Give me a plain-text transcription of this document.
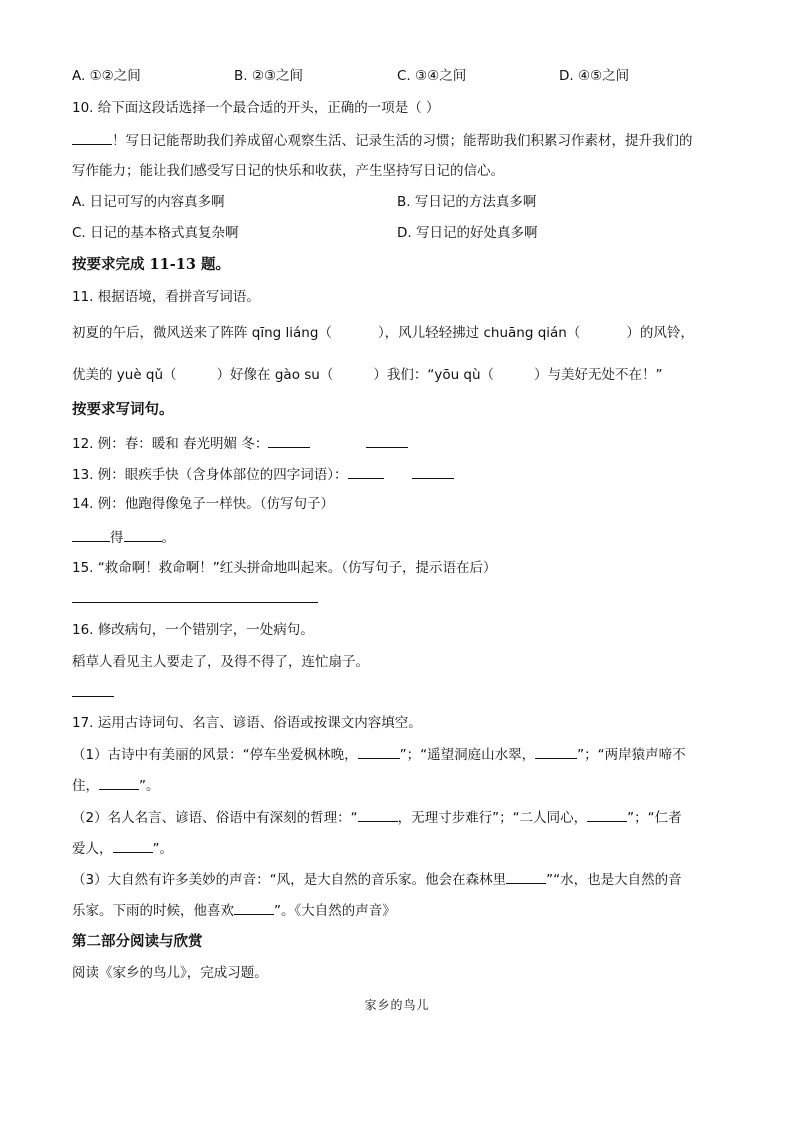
A. ①②之间	B. ②③之间	C. ③④之间	D. ④⑤之间
10. 给下面这段话选择一个最合适的开头，正确的一项是（ ）
！写日记能帮助我们养成留心观察生活、记录生活的习惯；能帮助我们积累习作素材，提升我们的
写作能力；能让我们感受写日记的快乐和收获，产生坚持写日记的信心。
A. 日记可写的内容真多啊	B. 写日记的方法真多啊
C. 日记的基本格式真复杂啊	D. 写日记的好处真多啊
按要求完成 11-13 题。
11. 根据语境，看拼音写词语。
初夏的午后，微风送来了阵阵 qīng liáng（	），风儿轻轻拂过 chuāng qián（	）的风铃，
优美的 yuè qǔ（	）好像在 gào su（	）我们：“yōu qù（	）与美好无处不在！”
按要求写词句。
12. 例：春：暖和 春光明媚 冬：
13. 例：眼疾手快（含身体部位的四字词语）：
14. 例：他跑得像兔子一样快。（仿写句子）
得	。
15. “救命啊！救命啊！”红头拼命地叫起来。（仿写句子，提示语在后）
16. 修改病句，一个错别字，一处病句。
稻草人看见主人要走了，及得不得了，连忙扇子。
17. 运用古诗词句、名言、谚语、俗语或按课文内容填空。
（1）古诗中有美丽的风景：“停车坐爱枫林晚，	”；“遥望洞庭山水翠，	”；“两岸猿声啼不
住，	”。
（2）名人名言、谚语、俗语中有深刻的哲理：“	，无理寸步难行”；“二人同心，	”；“仁者
爱人，	”。
（3）大自然有许多美妙的声音：“风，是大自然的音乐家。他会在森林里	”“水，也是大自然的音
乐家。下雨的时候，他喜欢	”。《大自然的声音》
第二部分阅读与欣赏
阅读《家乡的鸟儿》，完成习题。
家乡的鸟儿
